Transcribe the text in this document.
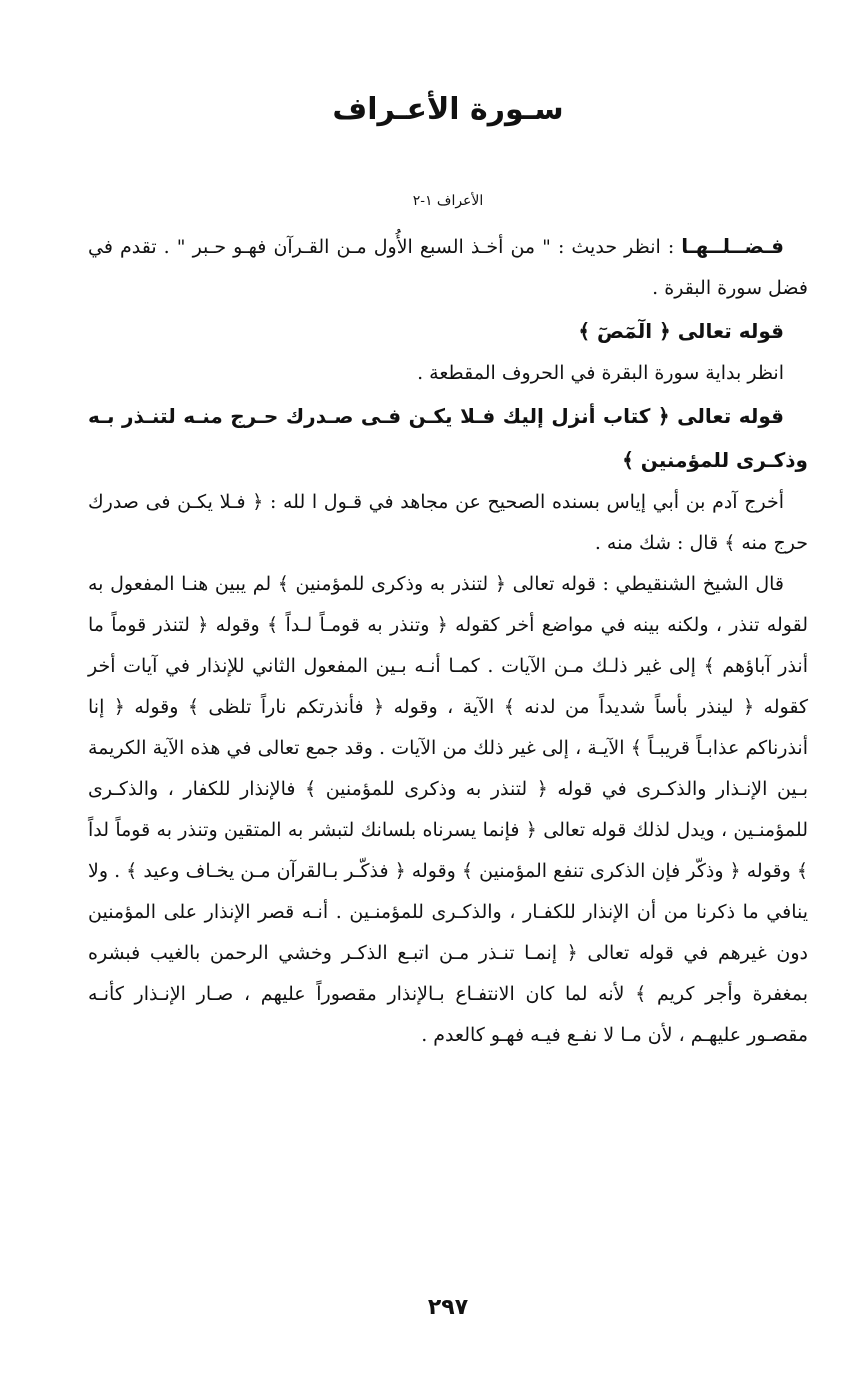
سـورة الأعـراف
الأعراف ١-٢

فـضــلــهـا : انظر حديث : " من أخـذ السبع الأُول مـن القـرآن فهـو حـبر " . تقدم في فضل سورة البقرة .

قوله تعالى ﴿ الٓمٓصٓ ﴾

انظر بداية سورة البقرة في الحروف المقطعة .

قوله تعالى ﴿ كتاب أنزل إليك فـلا يكـن فـى صـدرك حـرج منـه لتنـذر بـه وذكـرى للمؤمنين ﴾

أخرج آدم بن أبي إياس بسنده الصحيح عن مجاهد في قـول ا لله : ﴿ فـلا يكـن فى صدرك حرج منه ﴾ قال : شك منه .

قال الشيخ الشنقيطي : قوله تعالى ﴿ لتنذر به وذكرى للمؤمنين ﴾ لم يبين هنـا المفعول به لقوله تنذر ، ولكنه بينه في مواضع أخر كقوله ﴿ وتنذر به قومـاً لـداً ﴾ وقوله ﴿ لتنذر قوماً ما أنذر آباؤهم ﴾ إلى غير ذلـك مـن الآيات . كمـا أنـه بـين المفعول الثاني للإنذار في آيات أخر كقوله ﴿ لينذر بأساً شديداً من لدنه ﴾ الآية ، وقوله ﴿ فأنذرتكم ناراً تلظى ﴾ وقوله ﴿ إنا أنذرناكم عذابـاً قريبـاً ﴾ الآيـة ، إلى غير ذلك من الآيات . وقد جمع تعالى في هذه الآية الكريمة بـين الإنـذار والذكـرى في قوله ﴿ لتنذر به وذكرى للمؤمنين ﴾ فالإنذار للكفار ، والذكـرى للمؤمنـين ، ويدل لذلك قوله تعالى ﴿ فإنما يسرناه بلسانك لتبشر به المتقين وتنذر به قوماً لداً ﴾ وقوله ﴿ وذكّر فإن الذكرى تنفع المؤمنين ﴾ وقوله ﴿ فذكّـر بـالقرآن مـن يخـاف وعيد ﴾ . ولا ينافي ما ذكرنا من أن الإنذار للكفـار ، والذكـرى للمؤمنـين . أنـه قصر الإنذار على المؤمنين دون غيرهم في قوله تعالى ﴿ إنمـا تنـذر مـن اتبـع الذكـر وخشي الرحمن بالغيب فبشره بمغفرة وأجر كريم ﴾ لأنه لما كان الانتفـاع بـالإنذار مقصوراً عليهم ، صـار الإنـذار كأنـه مقصـور عليهـم ، لأن مـا لا نفـع فيـه فهـو كالعدم .

٢٩٧
